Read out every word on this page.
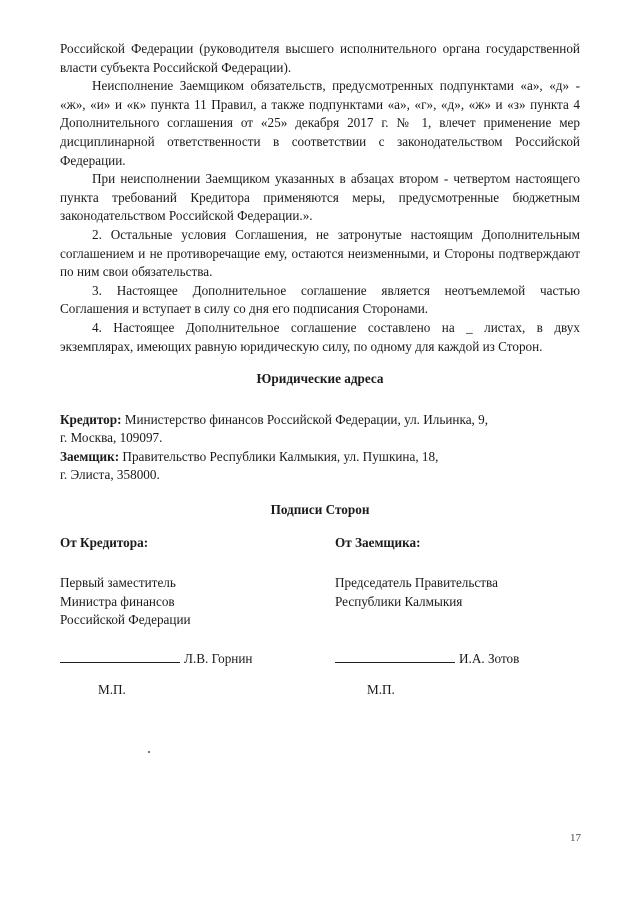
Российской Федерации (руководителя высшего исполнительного органа государственной власти субъекта Российской Федерации).

Неисполнение Заемщиком обязательств, предусмотренных подпунктами «а», «д» - «ж», «и» и «к» пункта 11 Правил, а также подпунктами «а», «г», «д», «ж» и «з» пункта 4 Дополнительного соглашения от «25» декабря 2017 г. № 1, влечет применение мер дисциплинарной ответственности в соответствии с законодательством Российской Федерации.

При неисполнении Заемщиком указанных в абзацах втором - четвертом настоящего пункта требований Кредитора применяются меры, предусмотренные бюджетным законодательством Российской Федерации.».

2. Остальные условия Соглашения, не затронутые настоящим Дополнительным соглашением и не противоречащие ему, остаются неизменными, и Стороны подтверждают по ним свои обязательства.

3. Настоящее Дополнительное соглашение является неотъемлемой частью Соглашения и вступает в силу со дня его подписания Сторонами.

4. Настоящее Дополнительное соглашение составлено на _ листах, в двух экземплярах, имеющих равную юридическую силу, по одному для каждой из Сторон.

Юридические адреса

Кредитор: Министерство финансов Российской Федерации, ул. Ильинка, 9,

г. Москва, 109097.

Заемщик: Правительство Республики Калмыкия, ул. Пушкина, 18,

г. Элиста, 358000.

Подписи Сторон

От Кредитора:

Первый заместитель
Министра финансов
Российской Федерации
Л.В. Горнин
М.П.

От Заемщика:

Председатель Правительства
Республики Калмыкия
И.А. Зотов
М.П.
17
